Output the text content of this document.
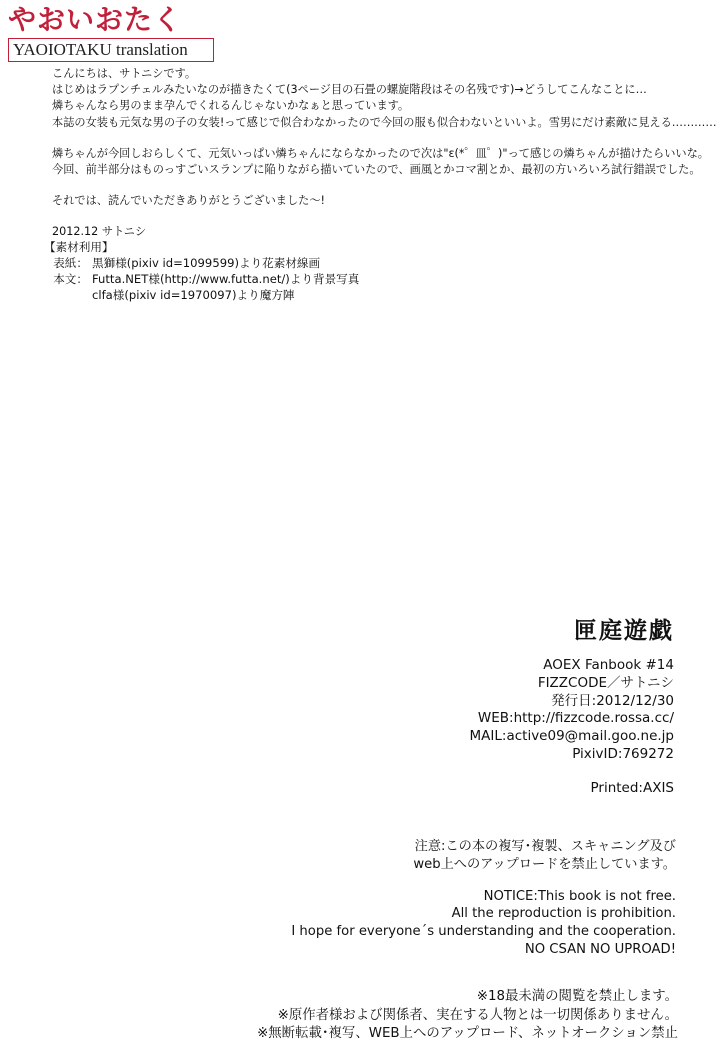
やおいおたく
YAOIOTAKU translation

こんにちは、サトニシです。
はじめはラプンチェルみたいなのが描きたくて(3ページ目の石畳の螺旋階段はその名残です)→どうしてこんなことに…
燐ちゃんなら男のまま孕んでくれるんじゃないかなぁと思っています。
本誌の女装も元気な男の子の女装!って感じで似合わなかったので今回の服も似合わないといいよ。雪男にだけ素敵に見える…………

燐ちゃんが今回しおらしくて、元気いっぱい燐ちゃんにならなかったので次は"ε(*゜皿゜)"って感じの燐ちゃんが描けたらいいな。
今回、前半部分はものっすごいスランプに陥りながら描いていたので、画風とかコマ割とか、最初の方いろいろ試行錯誤でした。

それでは、読んでいただきありがとうございました～!

2012.12 サトニシ

【素材利用】
表紙： 黒獅様(pixiv id=1099599)より花素材線画
本文： Futta.NET様(http://www.futta.net/)より背景写真
clfa様(pixiv id=1970097)より魔方陣
匣庭遊戯
AOEX Fanbook #14
FIZZCODE／サトニシ
発行日:2012/12/30
WEB:http://fizzcode.rossa.cc/
MAIL:active09@mail.goo.ne.jp
PixivID:769272
Printed:AXIS
注意:この本の複写･複製、スキャニング及び
web上へのアップロードを禁止しています。
NOTICE:This book is not free.
All the reproduction is prohibition.
I hope for everyone´s understanding and the cooperation.
NO CSAN NO UPROAD!
※18最未満の閲覧を禁止します。
※原作者様および関係者、実在する人物とは一切関係ありません。
※無断転載･複写、WEB上へのアップロード、ネットオークション禁止
